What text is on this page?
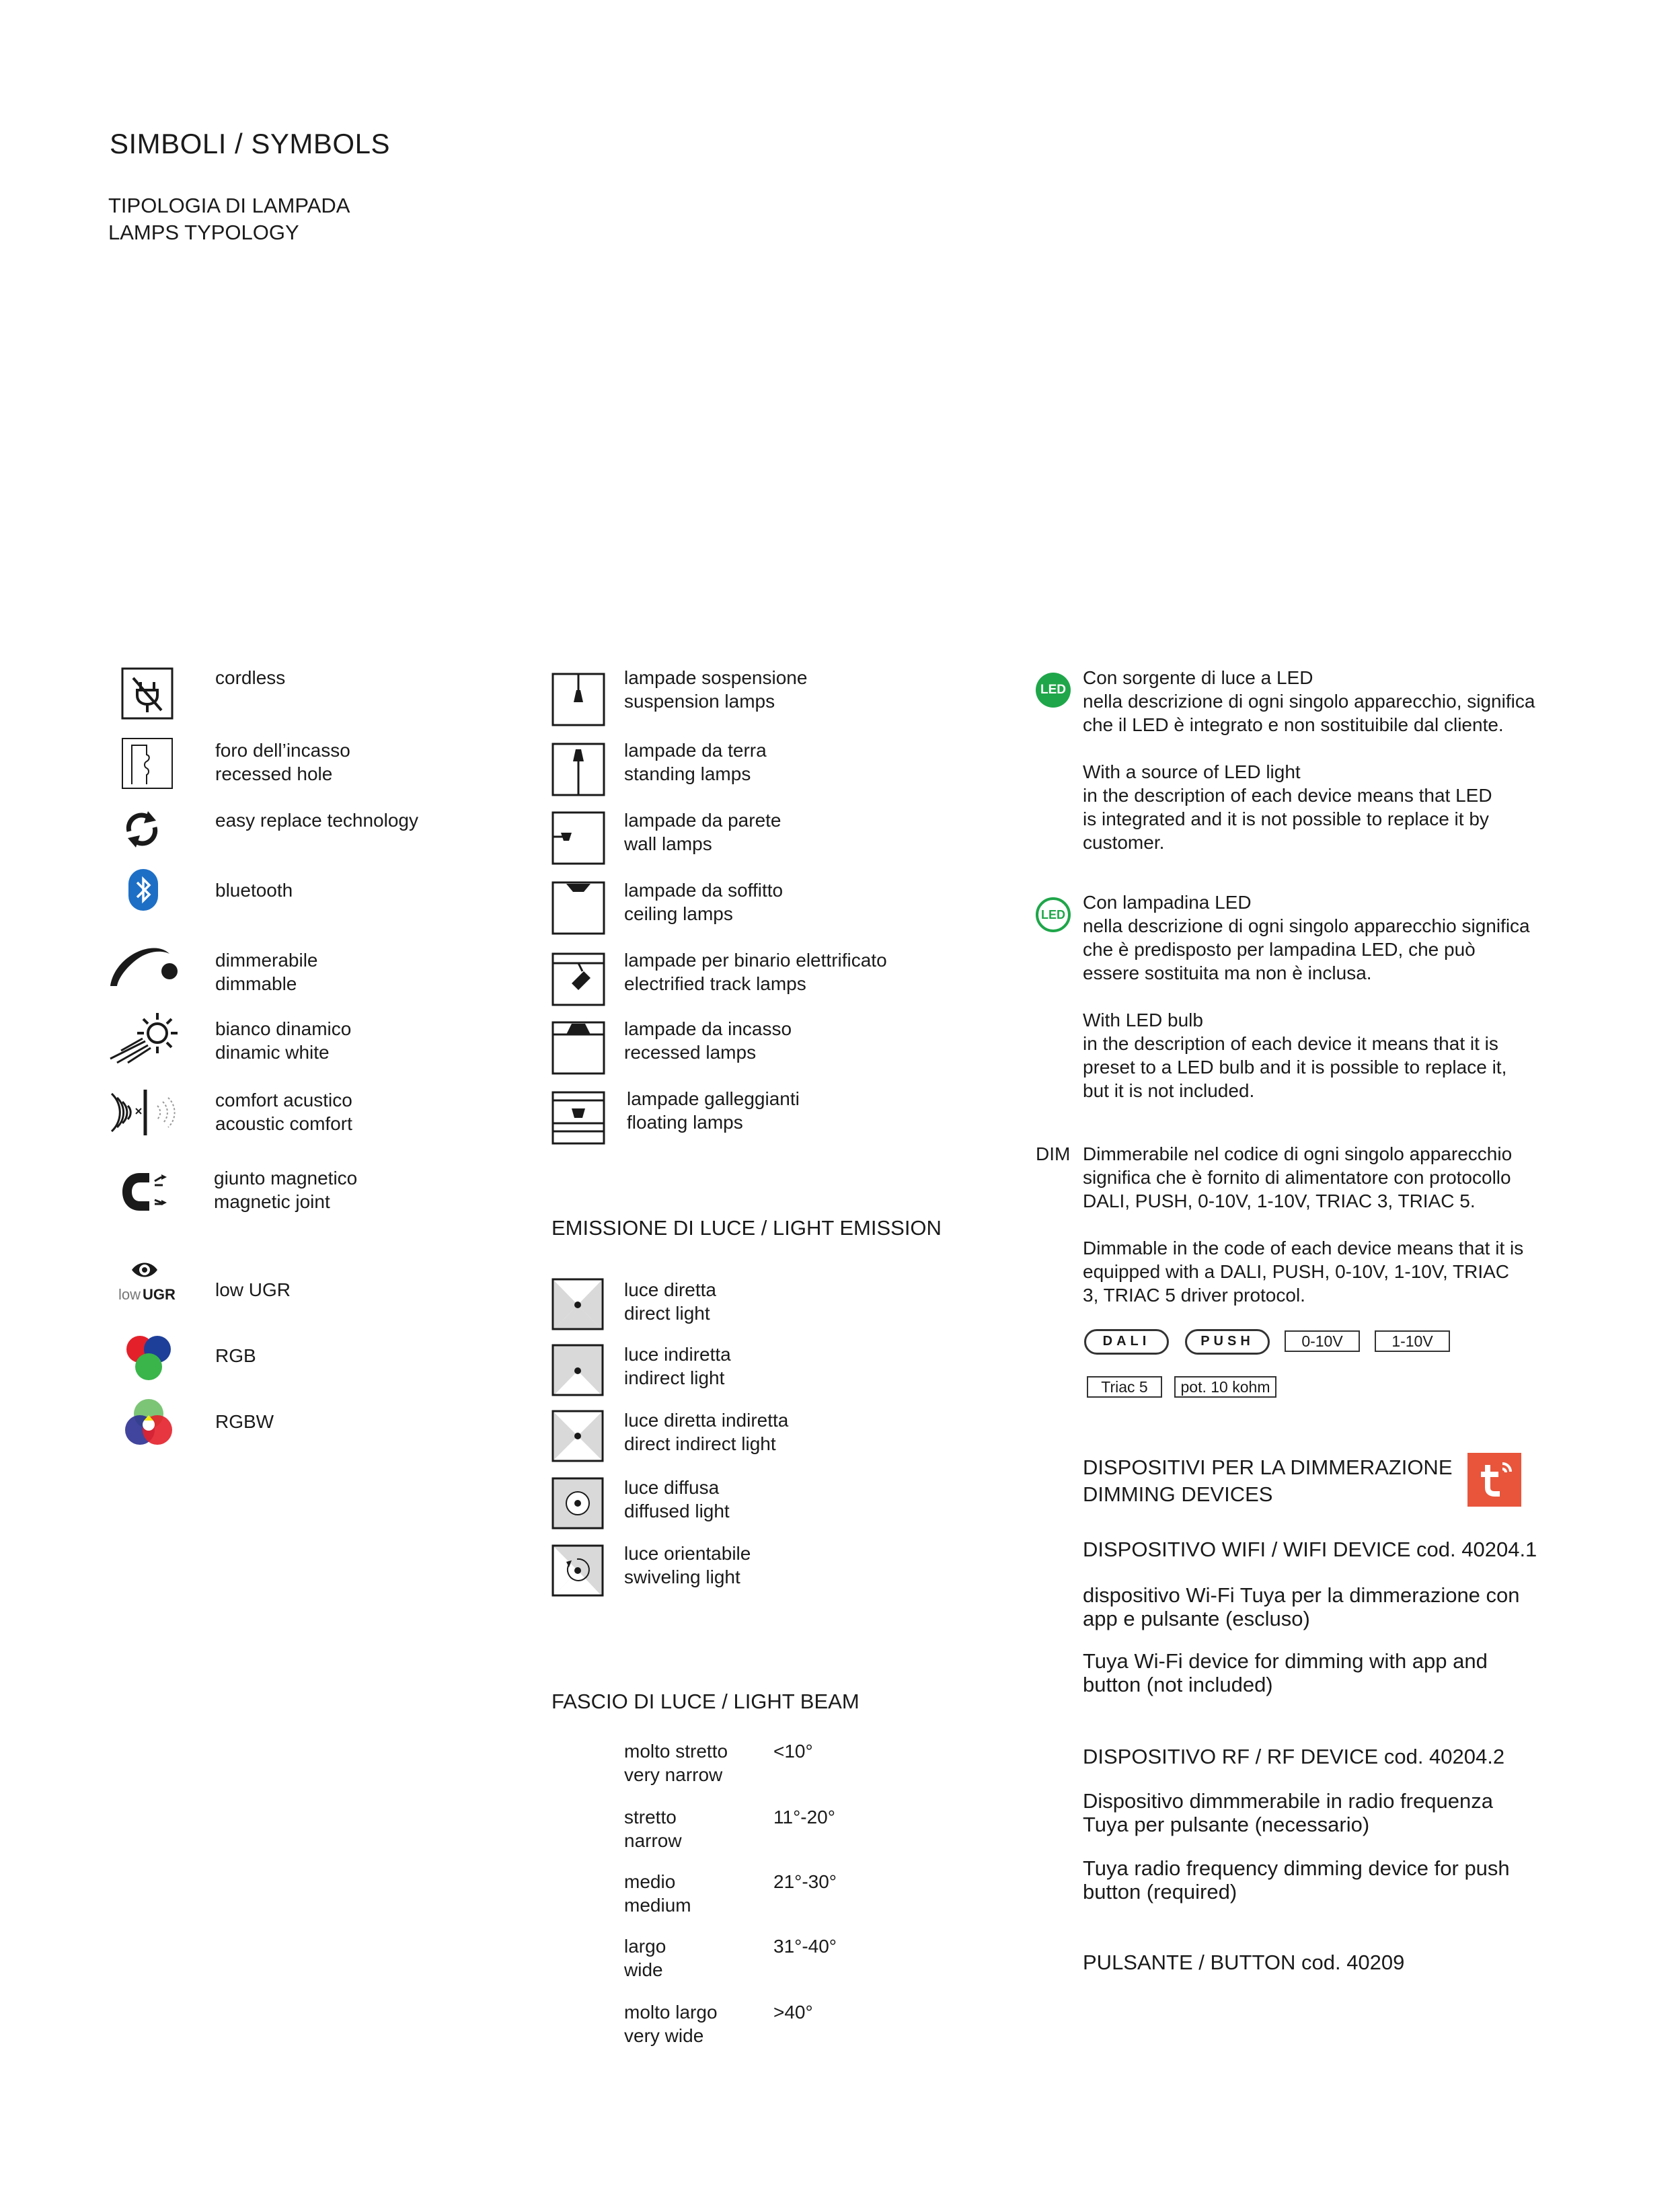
SIMBOLI / SYMBOLS
TIPOLOGIA DI LAMPADA
LAMPS TYPOLOGY
cordless
foro dell’incasso
recessed hole
easy replace technology
bluetooth
dimmerabile
dimmable
bianco dinamico
dinamic white
comfort acustico
acoustic comfort
giunto magnetico
magnetic joint
low UGR low UGR
RGB
RGBW
lampade sospensione
suspension lamps
lampade da terra
standing lamps
lampade da parete
wall lamps
lampade da soffitto
ceiling lamps
lampade per binario elettrificato
electrified track lamps
lampade da incasso
recessed lamps
lampade galleggianti
floating lamps
EMISSIONE DI LUCE / LIGHT EMISSION
luce diretta
direct light
luce indiretta
indirect light
luce diretta indiretta
direct indirect light
luce diffusa
diffused light
luce orientabile
swiveling light
FASCIO DI LUCE / LIGHT BEAM
molto stretto
very narrow
<10°
stretto
narrow
11°-20°
medio
medium
21°-30°
largo
wide
31°-40°
molto largo
very wide
>40°
LED
Con sorgente di luce a LED
nella descrizione di ogni singolo apparecchio, significa
che il LED è integrato e non sostituibile dal cliente.
With a source of LED light
in the description of each device means that LED
is integrated and it is not possible to replace it by
customer.
LED
Con lampadina LED
nella descrizione di ogni singolo apparecchio significa
che è predisposto per lampadina LED, che può
essere sostituita ma non è inclusa.
With LED bulb
in the description of each device it means that it is
preset to a LED bulb and it is possible to replace it,
but it is not included.
DIM Dimmerabile nel codice di ogni singolo apparecchio
significa che è fornito di alimentatore con protocollo
DALI, PUSH, 0-10V, 1-10V, TRIAC 3, TRIAC 5.
Dimmable in the code of each device means that it is
equipped with a DALI, PUSH, 0-10V, 1-10V, TRIAC
3, TRIAC 5 driver protocol.
DALI	PUSH	0-10V	1-10V
Triac 5	pot. 10 kohm
DISPOSITIVI PER LA DIMMERAZIONE
DIMMING DEVICES
DISPOSITIVO WIFI / WIFI DEVICE cod. 40204.1
dispositivo Wi-Fi Tuya per la dimmerazione con
app e pulsante (escluso)
Tuya Wi-Fi device for dimming with app and
button (not included)
DISPOSITIVO RF / RF DEVICE cod. 40204.2
Dispositivo dimmmerabile in radio frequenza
Tuya per pulsante (necessario)
Tuya radio frequency dimming device for push
button (required)
PULSANTE / BUTTON cod. 40209
